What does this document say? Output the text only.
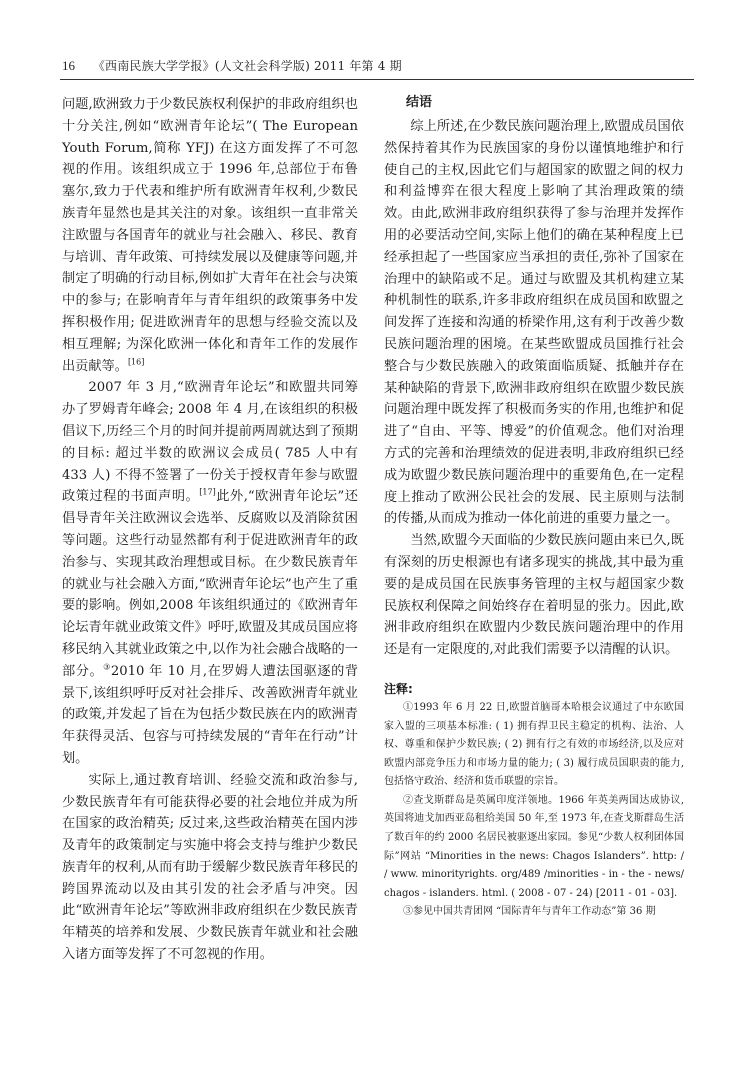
16 《西南民族大学学报》(人文社会科学版) 2011 年第 4 期

问题,欧洲致力于少数民族权利保护的非政府组织也十分关注,例如“欧洲青年论坛”( The European Youth Forum,简称 YFJ) 在这方面发挥了不可忽视的作用。该组织成立于 1996 年,总部位于布鲁塞尔,致力于代表和维护所有欧洲青年权利,少数民族青年显然也是其关注的对象。该组织一直非常关注欧盟与各国青年的就业与社会融入、移民、教育与培训、青年政策、可持续发展以及健康等问题,并制定了明确的行动目标,例如扩大青年在社会与决策中的参与; 在影响青年与青年组织的政策事务中发挥积极作用; 促进欧洲青年的思想与经验交流以及相互理解; 为深化欧洲一体化和青年工作的发展作出贡献等。[16]

2007 年 3 月,“欧洲青年论坛”和欧盟共同筹办了罗姆青年峰会; 2008 年 4 月,在该组织的积极倡议下,历经三个月的时间并提前两周就达到了预期的目标: 超过半数的欧洲议会成员( 785 人中有 433 人) 不得不签署了一份关于授权青年参与欧盟政策过程的书面声明。[17]此外,“欧洲青年论坛”还倡导青年关注欧洲议会选举、反腐败以及消除贫困等问题。这些行动显然都有利于促进欧洲青年的政治参与、实现其政治理想或目标。在少数民族青年的就业与社会融入方面,“欧洲青年论坛”也产生了重要的影响。例如,2008 年该组织通过的《欧洲青年论坛青年就业政策文件》呼吁,欧盟及其成员国应将移民纳入其就业政策之中,以作为社会融合战略的一部分。③2010 年 10 月,在罗姆人遭法国驱逐的背景下,该组织呼吁反对社会排斥、改善欧洲青年就业的政策,并发起了旨在为包括少数民族在内的欧洲青年获得灵活、包容与可持续发展的“青年在行动”计划。

实际上,通过教育培训、经验交流和政治参与,少数民族青年有可能获得必要的社会地位并成为所在国家的政治精英; 反过来,这些政治精英在国内涉及青年的政策制定与实施中将会支持与维护少数民族青年的权利,从而有助于缓解少数民族青年移民的跨国界流动以及由其引发的社会矛盾与冲突。因此“欧洲青年论坛”等欧洲非政府组织在少数民族青年精英的培养和发展、少数民族青年就业和社会融入诸方面等发挥了不可忽视的作用。

结语

综上所述,在少数民族问题治理上,欧盟成员国依然保持着其作为民族国家的身份以谨慎地维护和行使自己的主权,因此它们与超国家的欧盟之间的权力和利益博弈在很大程度上影响了其治理政策的绩效。由此,欧洲非政府组织获得了参与治理并发挥作用的必要活动空间,实际上他们的确在某种程度上已经承担起了一些国家应当承担的责任,弥补了国家在治理中的缺陷或不足。通过与欧盟及其机构建立某种机制性的联系,许多非政府组织在成员国和欧盟之间发挥了连接和沟通的桥梁作用,这有利于改善少数民族问题治理的困境。在某些欧盟成员国推行社会整合与少数民族融入的政策面临质疑、抵触并存在某种缺陷的背景下,欧洲非政府组织在欧盟少数民族问题治理中既发挥了积极而务实的作用,也维护和促进了“自由、平等、博爱”的价值观念。他们对治理方式的完善和治理绩效的促进表明,非政府组织已经成为欧盟少数民族问题治理中的重要角色,在一定程度上推动了欧洲公民社会的发展、民主原则与法制的传播,从而成为推动一体化前进的重要力量之一。

当然,欧盟今天面临的少数民族问题由来已久,既有深刻的历史根源也有诸多现实的挑战,其中最为重要的是成员国在民族事务管理的主权与超国家少数民族权利保障之间始终存在着明显的张力。因此,欧洲非政府组织在欧盟内少数民族问题治理中的作用还是有一定限度的,对此我们需要予以清醒的认识。

注释:

①1993 年 6 月 22 日,欧盟首脑哥本哈根会议通过了中东欧国家入盟的三项基本标准: ( 1) 拥有捍卫民主稳定的机构、法治、人权、尊重和保护少数民族; ( 2) 拥有行之有效的市场经济,以及应对欧盟内部竞争压力和市场力量的能力; ( 3) 履行成员国职责的能力,包括恪守政治、经济和货币联盟的宗旨。

②查戈斯群岛是英属印度洋领地。1966 年英美两国达成协议,英国将迪戈加西亚岛租给美国 50 年,至 1973 年,在查戈斯群岛生活了数百年的约 2000 名居民被驱逐出家园。参见“少数人权利团体国际”网站 “Minorities in the news: Chagos Islanders”. http: / / www. minorityrights. org/489 /minorities - in - the - news/ chagos - islanders. html. ( 2008 - 07 - 24) [2011 - 01 - 03].

③参见中国共青团网 “国际青年与青年工作动态”第 36 期
